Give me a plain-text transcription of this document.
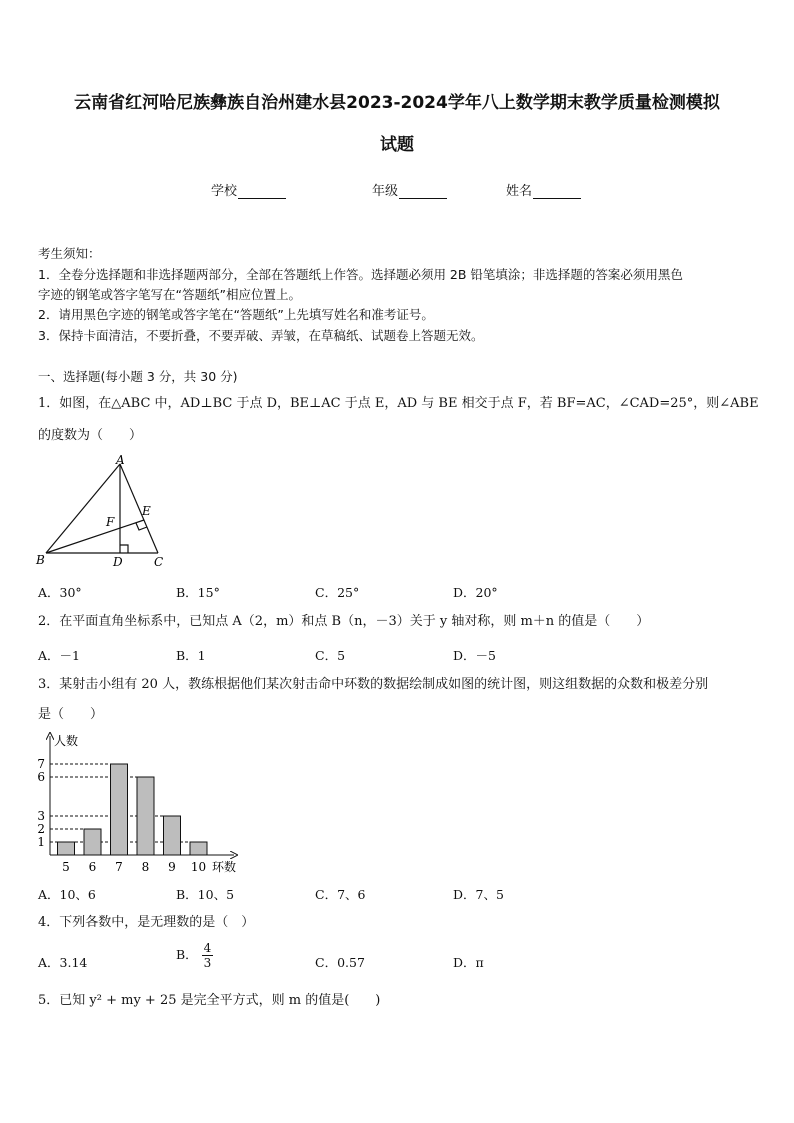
云南省红河哈尼族彝族自治州建水县2023-2024学年八上数学期末教学质量检测模拟
试题
学校	年级	姓名
考生须知：
1．全卷分选择题和非选择题两部分，全部在答题纸上作答。选择题必须用 2B 铅笔填涂；非选择题的答案必须用黑色
字迹的钢笔或答字笔写在“答题纸”相应位置上。
2．请用黑色字迹的钢笔或答字笔在“答题纸”上先填写姓名和准考证号。
3．保持卡面清洁，不要折叠，不要弄破、弄皱，在草稿纸、试题卷上答题无效。
一、选择题(每小题 3 分，共 30 分)
1．如图，在△ABC 中，AD⊥BC 于点 D，BE⊥AC 于点 E，AD 与 BE 相交于点 F，若 BF=AC，∠CAD=25°，则∠ABE
的度数为（　　）
A
B	C
D
E
F
A．30°	B．15°	C．25°	D．20°
2．在平面直角坐标系中，已知点 A（2，m）和点 B（n，－3）关于 y 轴对称，则 m＋n 的值是（　　）
A．－1	B．1	C．5	D．－5
3．某射击小组有 20 人，教练根据他们某次射击命中环数的数据绘制成如图的统计图，则这组数据的众数和极差分别
是（　　）
人数
环数
1
2
3
6
7
5 6 7 8 9 10
A．10、6	B．10、5	C．7、6	D．7、5
4．下列各数中，是无理数的是（　）
A．3.14
B． $\frac{4}{3}$	C．0.57	D．π
5．已知 y² + my + 25 是完全平方式，则 m 的值是(　　)
